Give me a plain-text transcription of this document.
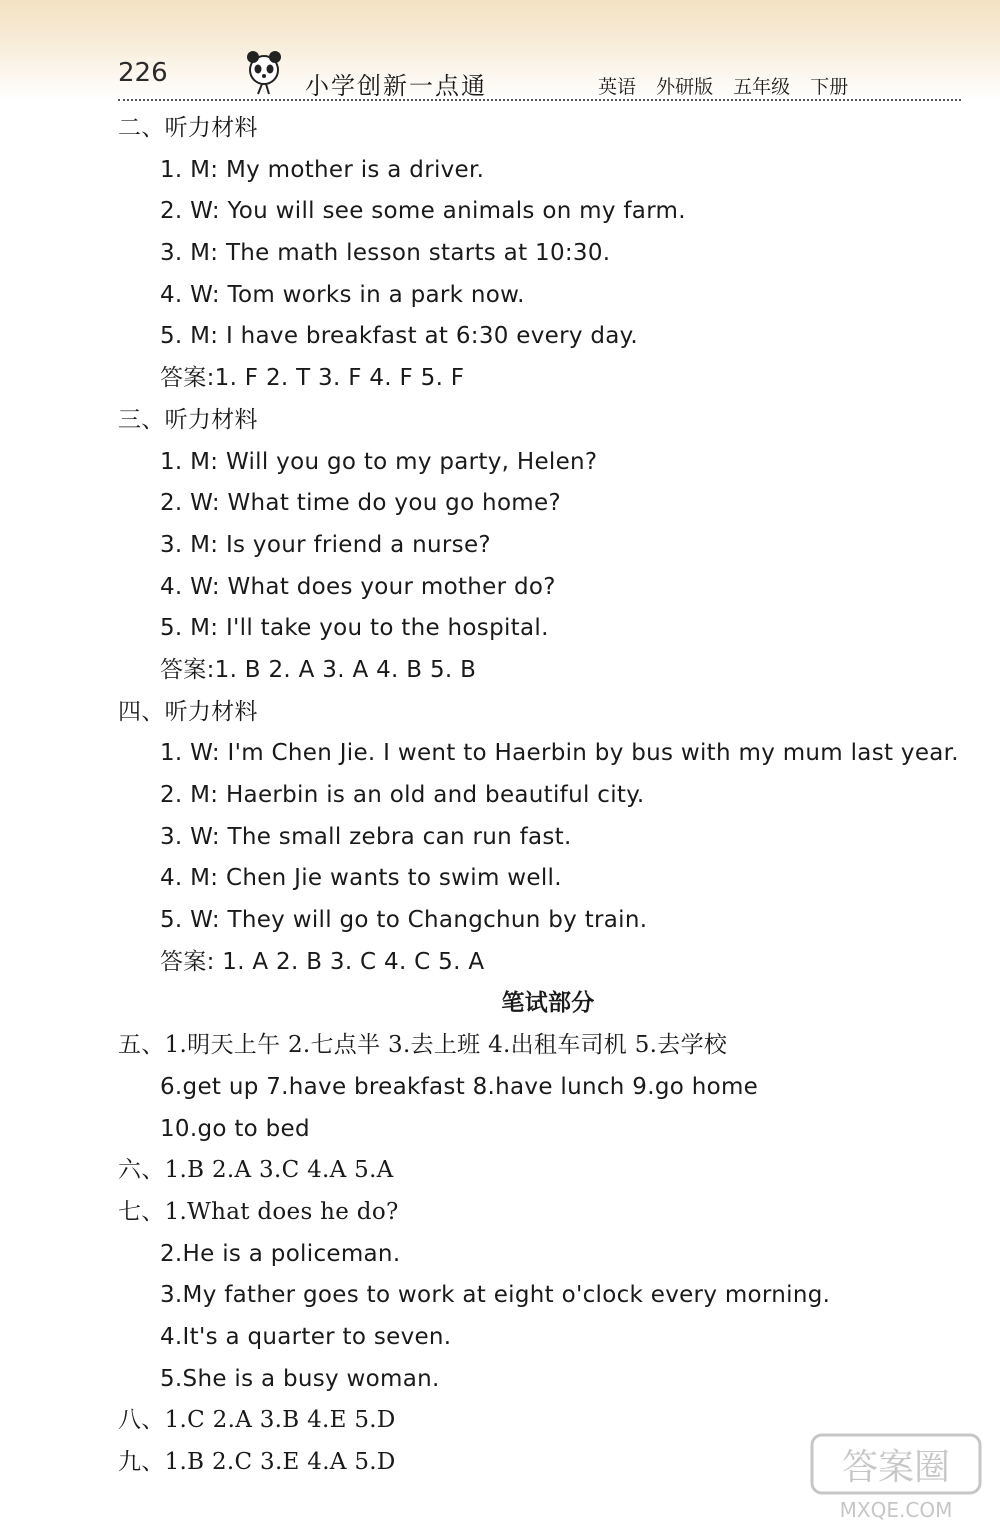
226	小学创新一点通	英语 外研版 五年级 下册
二、听力材料
1. M: My mother is a driver.
2. W: You will see some animals on my farm.
3. M: The math lesson starts at 10:30.
4. W: Tom works in a park now.
5. M: I have breakfast at 6:30 every day.
答案:1. F 2. T 3. F 4. F 5. F
三、听力材料
1. M: Will you go to my party, Helen?
2. W: What time do you go home?
3. M: Is your friend a nurse?
4. W: What does your mother do?
5. M: I'll take you to the hospital.
答案:1. B 2. A 3. A 4. B 5. B
四、听力材料
1. W: I'm Chen Jie. I went to Haerbin by bus with my mum last year.
2. M: Haerbin is an old and beautiful city.
3. W: The small zebra can run fast.
4. M: Chen Jie wants to swim well.
5. W: They will go to Changchun by train.
答案: 1. A 2. B 3. C 4. C 5. A
笔试部分
五、1.明天上午 2.七点半 3.去上班 4.出租车司机 5.去学校
6.get up 7.have breakfast 8.have lunch 9.go home
10.go to bed
六、1.B 2.A 3.C 4.A 5.A
七、1.What does he do?
2.He is a policeman.
3.My father goes to work at eight o'clock every morning.
4.It's a quarter to seven.
5.She is a busy woman.
八、1.C 2.A 3.B 4.E 5.D
九、1.B 2.C 3.E 4.A 5.D	答案圈
MXQE.COM
